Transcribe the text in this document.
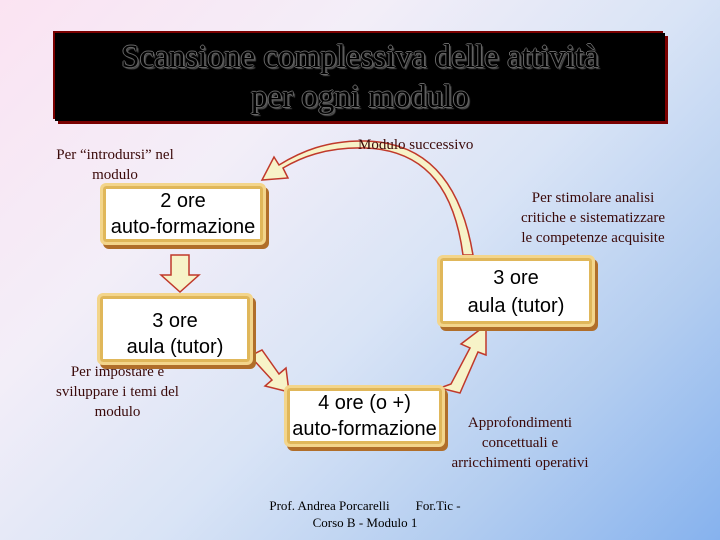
Scansione complessiva delle attività
per ogni modulo
Per “introdursi” nel
modulo
Modulo successivo
Per stimolare analisi
critiche e sistematizzare
le competenze acquisite
Per impostare e
sviluppare i temi del
modulo
Approfondimenti
concettuali e
arricchimenti operativi
2 ore
auto-formazione
3 ore
aula (tutor)
3 ore
aula (tutor)
4 ore (o +)
auto-formazione
Prof. Andrea Porcarelli        For.Tic -
Corso B - Modulo 1
